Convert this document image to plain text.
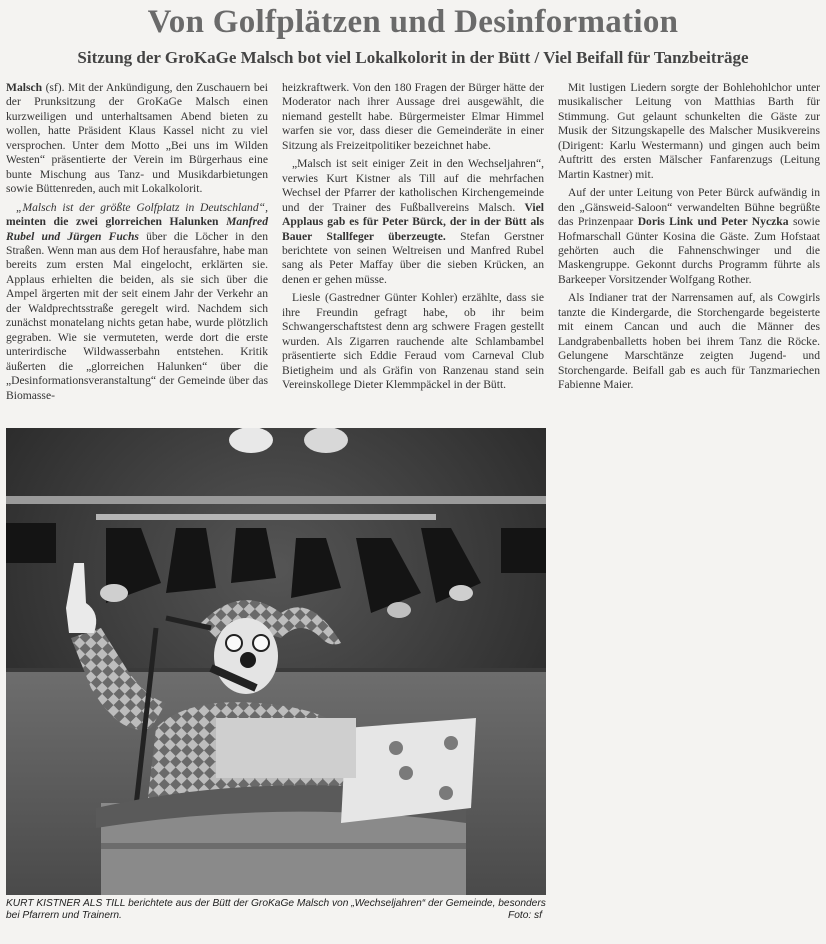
Von Golfplätzen und Desinformation
Sitzung der GroKaGe Malsch bot viel Lokalkolorit in der Bütt / Viel Beifall für Tanzbeiträge

Malsch (sf). Mit der Ankündigung, den Zuschauern bei der Prunksitzung der GroKaGe Malsch einen kurzweiligen und unterhaltsamen Abend bieten zu wollen, hatte Präsident Klaus Kassel nicht zu viel versprochen. Unter dem Motto „Bei uns im Wilden Westen“ präsentierte der Verein im Bürgerhaus eine bunte Mischung aus Tanz- und Musikdarbietungen sowie Büttenreden, auch mit Lokalkolorit.

„Malsch ist der größte Golfplatz in Deutschland“, meinten die zwei glorreichen Halunken Manfred Rubel und Jürgen Fuchs über die Löcher in den Straßen. Wenn man aus dem Hof herausfahre, habe man bereits zum ersten Mal eingelocht, erklärten sie. Applaus erhielten die beiden, als sie sich über die Ampel ärgerten mit der seit einem Jahr der Verkehr an der Waldprechtsstraße geregelt wird. Nachdem sich zunächst monatelang nichts getan habe, wurde plötzlich gegraben. Wie sie vermuteten, werde dort die erste unterirdische Wildwasserbahn entstehen. Kritik äußerten die „glorreichen Halunken“ über die „Desinformationsveranstaltung“ der Gemeinde über das Biomasse-

heizkraftwerk. Von den 180 Fragen der Bürger hätte der Moderator nach ihrer Aussage drei ausgewählt, die niemand gestellt habe. Bürgermeister Elmar Himmel warfen sie vor, dass dieser die Gemeinderäte in einer Sitzung als Freizeitpolitiker bezeichnet habe.

„Malsch ist seit einiger Zeit in den Wechseljahren“, verwies Kurt Kistner als Till auf die mehrfachen Wechsel der Pfarrer der katholischen Kirchengemeinde und der Trainer des Fußballvereins Malsch. Viel Applaus gab es für Peter Bürck, der in der Bütt als Bauer Stallfeger überzeugte. Stefan Gerstner berichtete von seinen Weltreisen und Manfred Rubel sang als Peter Maffay über die sieben Krücken, an denen er gehen müsse.

Liesle (Gastredner Günter Kohler) erzählte, dass sie ihre Freundin gefragt habe, ob ihr beim Schwangerschaftstest denn arg schwere Fragen gestellt wurden. Als Zigarren rauchende alte Schlambambel präsentierte sich Eddie Feraud vom Carneval Club Bietigheim und als Gräfin von Ranzenau stand sein Vereinskollege Dieter Klemmpäckel in der Bütt.

Mit lustigen Liedern sorgte der Bohlehohlchor unter musikalischer Leitung von Matthias Barth für Stimmung. Gut gelaunt schunkelten die Gäste zur Musik der Sitzungskapelle des Malscher Musikvereins (Dirigent: Karlu Westermann) und gingen auch beim Auftritt des ersten Mälscher Fanfarenzugs (Leitung Martin Kastner) mit.

Auf der unter Leitung von Peter Bürck aufwändig in den „Gänsweid-Saloon“ verwandelten Bühne begrüßte das Prinzenpaar Doris Link und Peter Nyczka sowie Hofmarschall Günter Kosina die Gäste. Zum Hofstaat gehörten auch die Fahnenschwinger und die Maskengruppe. Gekonnt durchs Programm führte als Barkeeper Vorsitzender Wolfgang Rother.

Als Indianer trat der Narrensamen auf, als Cowgirls tanzte die Kindergarde, die Storchengarde begeisterte mit einem Cancan und auch die Männer des Landgrabenballetts hoben bei ihrem Tanz die Röcke. Gelungene Marschtänze zeigten Jugend- und Storchengarde. Beifall gab es auch für Tanzmariechen Fabienne Maier.

KURT KISTNER ALS TILL berichtete aus der Bütt der GroKaGe Malsch von „Wechseljahren“ der Gemeinde, besonders bei Pfarrern und Trainern.	Foto: sf
